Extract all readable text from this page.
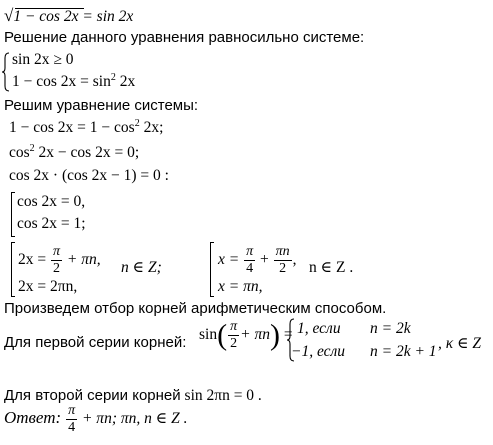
√1 − cos 2x = sin 2x
Решение данного уравнения равносильно системе:
sin 2x ≥ 0
$1 - \cos 2x = \sin^2 2x$
Решим уравнение системы:
$1 - \cos 2x = 1 - \cos^2 2x$;
$\cos^2 2x - \cos 2x = 0$;
cos 2x · (cos 2x − 1) = 0 :
cos 2x = 0,
cos 2x = 1;
$2x = \frac{\pi}{2} + \pi n$, n ∈ Z;
2x = 2πn,
$x = \frac{\pi}{4} + \frac{\pi n}{2}$ , n ∈ Z .
x = πn,
Произведем отбор корней арифметическим способом.
Для первой серии корней: $\sin( \frac{\pi}{2} + \pi n) = 1$, если n = 2k
−1, если n = 2k + 1 , κ ∈ Z
Для второй серии корней sin 2πn = 0 .
Ответ: $\frac{\pi}{4} + \pi n$; πn, n ∈ Z .
